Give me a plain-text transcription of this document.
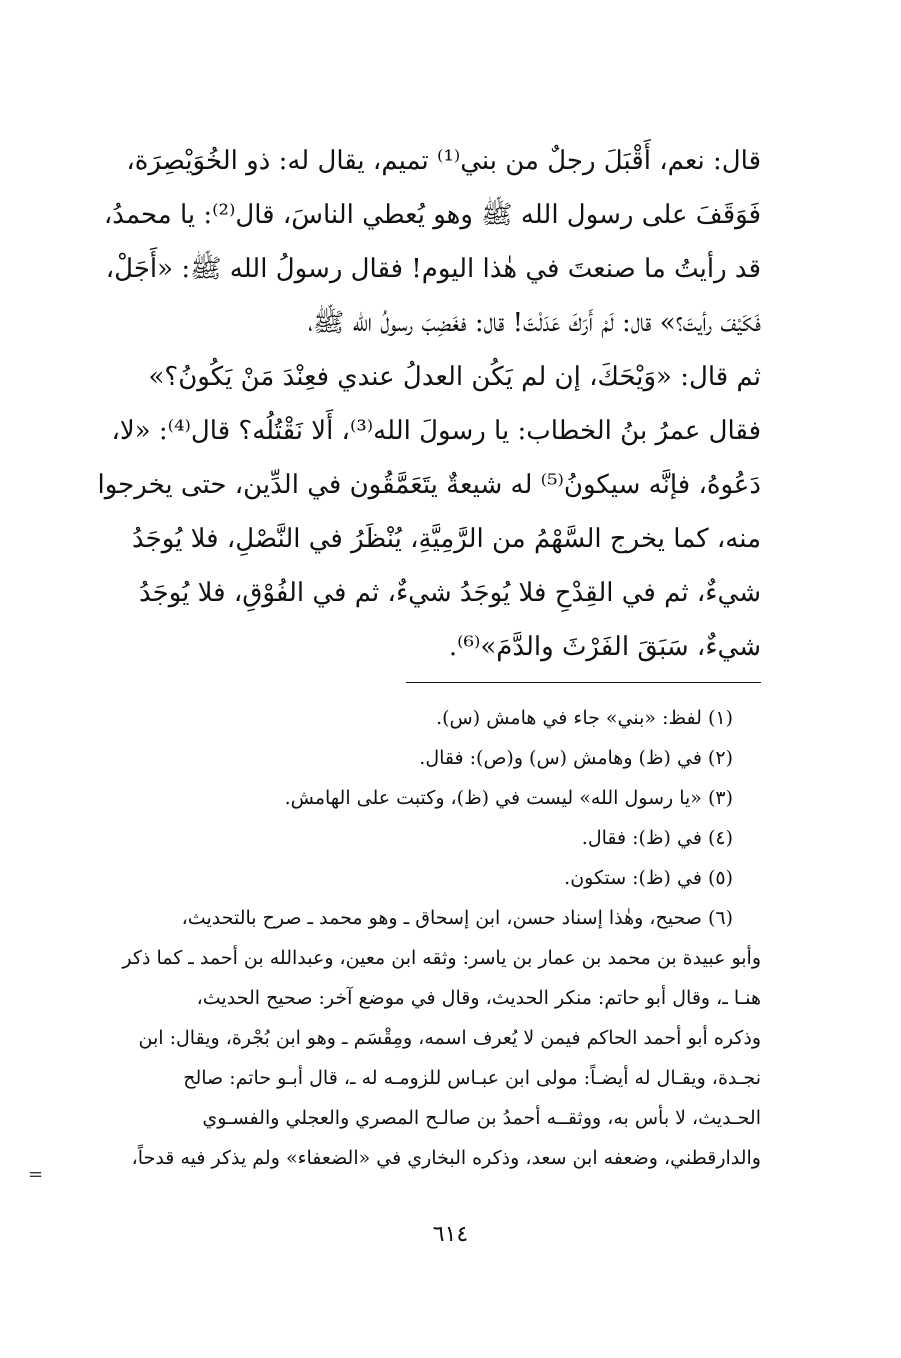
قال: نعم، أَقْبَلَ رجلٌ من بني⁽¹⁾ تميم، يقال له: ذو الخُوَيْصِرَة،
فَوَقَفَ على رسول الله ﷺ وهو يُعطي الناسَ، قال⁽²⁾: يا محمدُ،
قد رأيتُ ما صنعتَ في هٰذا اليوم! فقال رسولُ الله ﷺ: «أَجَلْ،
فَكَيْفَ رأيتَ؟» قال: لَمْ أَرَكَ عَدَلْتَ! قال: فغَضِبَ رسولُ الله ﷺ،
ثم قال: «وَيْحَكَ، إن لم يَكُن العدلُ عندي فعِنْدَ مَنْ يَكُونُ؟»
فقال عمرُ بنُ الخطاب: يا رسولَ الله⁽³⁾، أَلا نَقْتُلُه؟ قال⁽⁴⁾: «لا،
دَعُوهُ، فإنَّه سيكونُ⁽⁵⁾ له شيعةٌ يتَعَمَّقُون في الدِّين، حتى يخرجوا
منه، كما يخرج السَّهْمُ من الرَّمِيَّةِ، يُنْظَرُ في النَّصْلِ، فلا يُوجَدُ
شيءٌ، ثم في القِدْحِ فلا يُوجَدُ شيءٌ، ثم في الفُوْقِ، فلا يُوجَدُ
شيءٌ، سَبَقَ الفَرْثَ والدَّمَ»⁽⁶⁾.
(١) لفظ: «بني» جاء في هامش (س).
(٢) في (ظ) وهامش (س) و(ص): فقال.
(٣) «يا رسول الله» ليست في (ظ)، وكتبت على الهامش.
(٤) في (ظ): فقال.
(٥) في (ظ): ستكون.
(٦) صحيح، وهٰذا إسناد حسن، ابن إسحاق ـ وهو محمد ـ صرح بالتحديث،
وأبو عبيدة بن محمد بن عمار بن ياسر: وثقه ابن معين، وعبدالله بن أحمد ـ كما ذكر
هنـا ـ، وقال أبو حاتم: منكر الحديث، وقال في موضع آخر: صحيح الحديث،
وذكره أبو أحمد الحاكم فيمن لا يُعرف اسمه، ومِقْسَم ـ وهو ابن بُجْرة، ويقال: ابن
نجـدة، ويقـال له أيضـاً: مولى ابن عبـاس للزومـه له ـ، قال أبـو حاتم: صالح
الحـديث، لا بأس به، ووثقــه أحمدُ بن صالـح المصري والعجلي والفسـوي
والدارقطني، وضعفه ابن سعد، وذكره البخاري في «الضعفاء» ولم يذكر فيه قدحاً،
=
٦١٤
